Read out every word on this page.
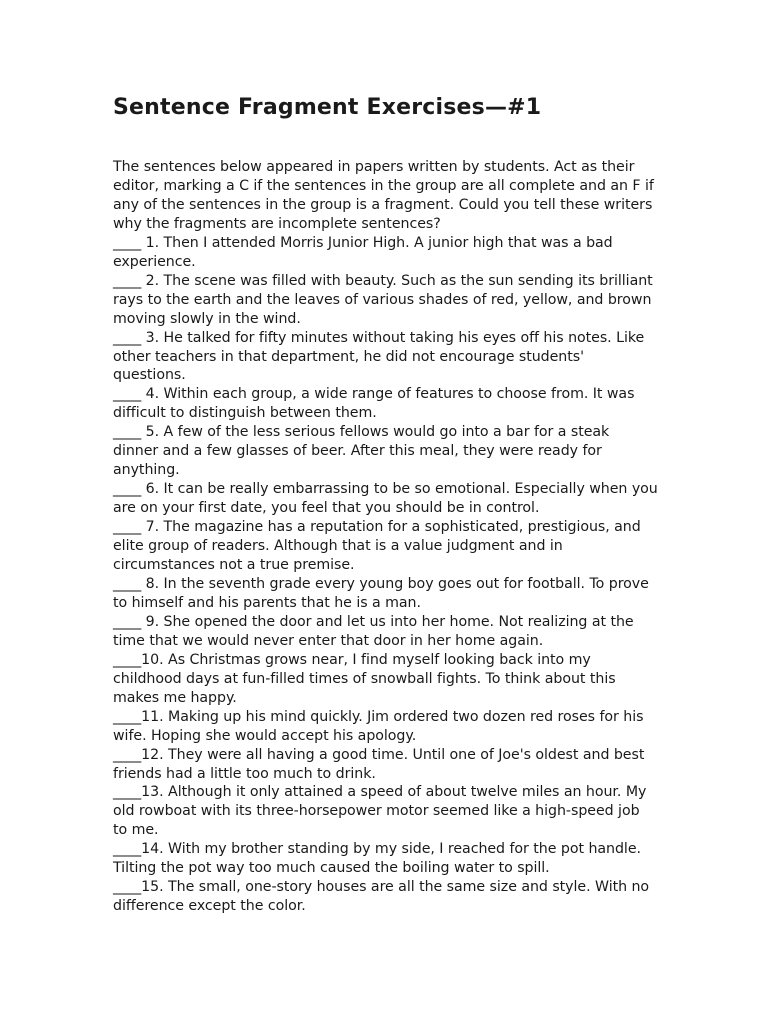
Sentence Fragment Exercises—#1

The sentences below appeared in papers written by students. Act as their editor, marking a C if the sentences in the group are all complete and an F if any of the sentences in the group is a fragment. Could you tell these writers why the fragments are incomplete sentences?

____ 1. Then I attended Morris Junior High. A junior high that was a bad experience.

____ 2. The scene was filled with beauty. Such as the sun sending its brilliant rays to the earth and the leaves of various shades of red, yellow, and brown moving slowly in the wind.

____ 3. He talked for fifty minutes without taking his eyes off his notes. Like other teachers in that department, he did not encourage students' questions.

____ 4. Within each group, a wide range of features to choose from. It was difficult to distinguish between them.

____ 5. A few of the less serious fellows would go into a bar for a steak dinner and a few glasses of beer. After this meal, they were ready for anything.

____ 6. It can be really embarrassing to be so emotional. Especially when you are on your first date, you feel that you should be in control.

____ 7. The magazine has a reputation for a sophisticated, prestigious, and elite group of readers. Although that is a value judgment and in circumstances not a true premise.

____ 8. In the seventh grade every young boy goes out for football. To prove to himself and his parents that he is a man.

____ 9. She opened the door and let us into her home. Not realizing at the time that we would never enter that door in her home again.

____10. As Christmas grows near, I find myself looking back into my childhood days at fun-filled times of snowball fights. To think about this makes me happy.

____11. Making up his mind quickly. Jim ordered two dozen red roses for his wife. Hoping she would accept his apology.

____12. They were all having a good time. Until one of Joe's oldest and best friends had a little too much to drink.

____13. Although it only attained a speed of about twelve miles an hour. My old rowboat with its three-horsepower motor seemed like a high-speed job to me.

____14. With my brother standing by my side, I reached for the pot handle. Tilting the pot way too much caused the boiling water to spill.

____15. The small, one-story houses are all the same size and style. With no difference except the color.
